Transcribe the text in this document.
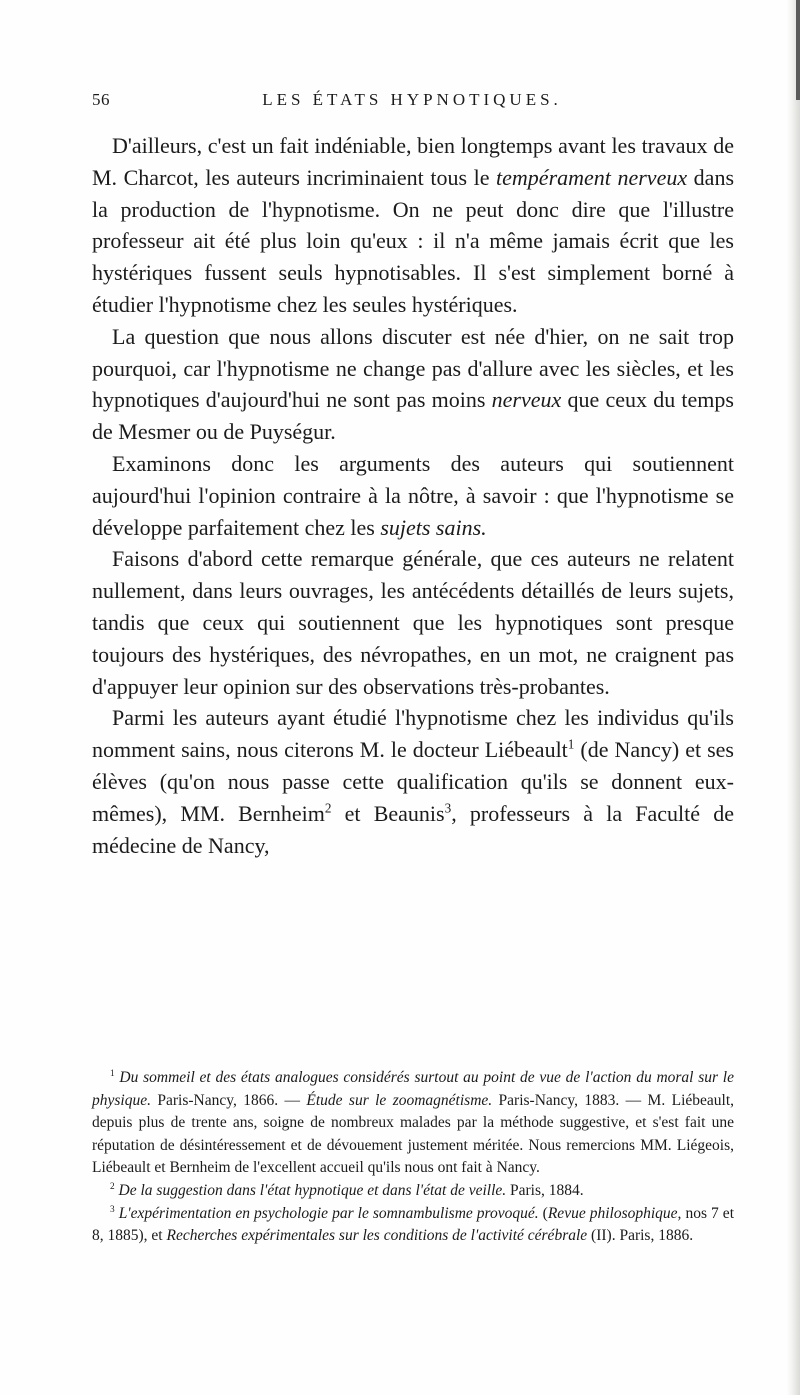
56	LES ÉTATS HYPNOTIQUES.

D'ailleurs, c'est un fait indéniable, bien longtemps avant les travaux de M. Charcot, les auteurs incriminaient tous le tempérament nerveux dans la production de l'hypnotisme. On ne peut donc dire que l'illustre professeur ait été plus loin qu'eux : il n'a même jamais écrit que les hystériques fussent seuls hypnotisables. Il s'est simplement borné à étudier l'hypnotisme chez les seules hystériques.

La question que nous allons discuter est née d'hier, on ne sait trop pourquoi, car l'hypnotisme ne change pas d'allure avec les siècles, et les hypnotiques d'aujourd'hui ne sont pas moins nerveux que ceux du temps de Mesmer ou de Puységur.

Examinons donc les arguments des auteurs qui soutiennent aujourd'hui l'opinion contraire à la nôtre, à savoir : que l'hypnotisme se développe parfaitement chez les sujets sains.

Faisons d'abord cette remarque générale, que ces auteurs ne relatent nullement, dans leurs ouvrages, les antécédents détaillés de leurs sujets, tandis que ceux qui soutiennent que les hypnotiques sont presque toujours des hystériques, des névropathes, en un mot, ne craignent pas d'appuyer leur opinion sur des observations très-probantes.

Parmi les auteurs ayant étudié l'hypnotisme chez les individus qu'ils nomment sains, nous citerons M. le docteur Liébeault$^1$ (de Nancy) et ses élèves (qu'on nous passe cette qualification qu'ils se donnent eux-mêmes), MM. Bernheim$^2$ et Beaunis$^3$, professeurs à la Faculté de médecine de Nancy,

$^1$ Du sommeil et des états analogues considérés surtout au point de vue de l'action du moral sur le physique. Paris-Nancy, 1866. — Étude sur le zoomagnétisme. Paris-Nancy, 1883. — M. Liébeault, depuis plus de trente ans, soigne de nombreux malades par la méthode suggestive, et s'est fait une réputation de désintéressement et de dévouement justement méritée. Nous remercions MM. Liégeois, Liébeault et Bernheim de l'excellent accueil qu'ils nous ont fait à Nancy.

$^2$ De la suggestion dans l'état hypnotique et dans l'état de veille. Paris, 1884.

$^3$ L'expérimentation en psychologie par le somnambulisme provoqué. (Revue philosophique, nos 7 et 8, 1885), et Recherches expérimentales sur les conditions de l'activité cérébrale (II). Paris, 1886.
